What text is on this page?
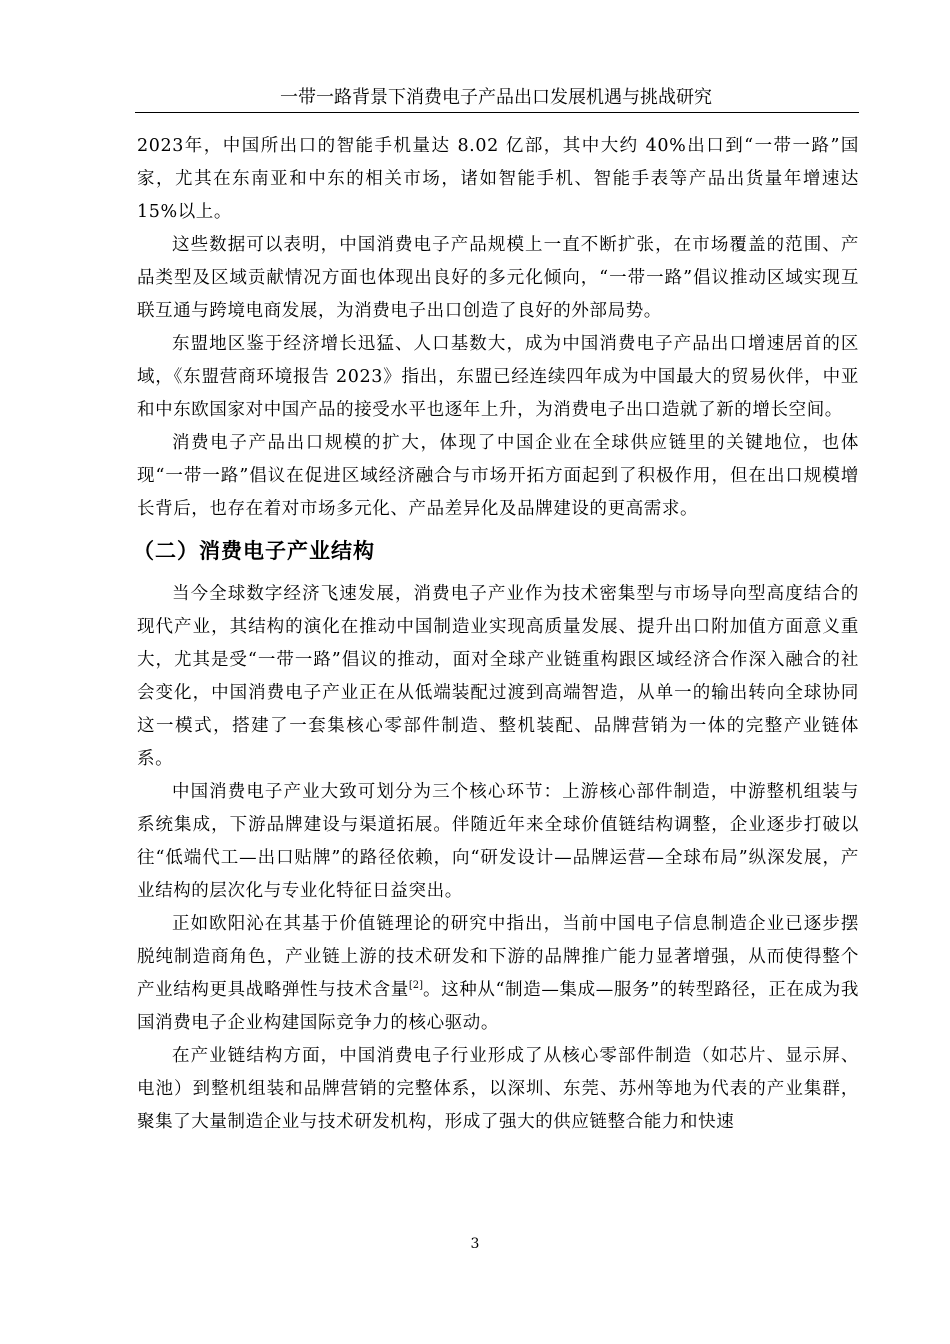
一带一路背景下消费电子产品出口发展机遇与挑战研究

2023年，中国所出口的智能手机量达 8.02 亿部，其中大约 40%出口到“一带一路”国家，尤其在东南亚和中东的相关市场，诸如智能手机、智能手表等产品出货量年增速达 15%以上。

这些数据可以表明，中国消费电子产品规模上一直不断扩张，在市场覆盖的范围、产品类型及区域贡献情况方面也体现出良好的多元化倾向，“一带一路”倡议推动区域实现互联互通与跨境电商发展，为消费电子出口创造了良好的外部局势。

东盟地区鉴于经济增长迅猛、人口基数大，成为中国消费电子产品出口增速居首的区域，《东盟营商环境报告 2023》指出，东盟已经连续四年成为中国最大的贸易伙伴，中亚和中东欧国家对中国产品的接受水平也逐年上升，为消费电子出口造就了新的增长空间。

消费电子产品出口规模的扩大，体现了中国企业在全球供应链里的关键地位，也体现“一带一路”倡议在促进区域经济融合与市场开拓方面起到了积极作用，但在出口规模增长背后，也存在着对市场多元化、产品差异化及品牌建设的更高需求。

（二）消费电子产业结构

当今全球数字经济飞速发展，消费电子产业作为技术密集型与市场导向型高度结合的现代产业，其结构的演化在推动中国制造业实现高质量发展、提升出口附加值方面意义重大，尤其是受“一带一路”倡议的推动，面对全球产业链重构跟区域经济合作深入融合的社会变化，中国消费电子产业正在从低端装配过渡到高端智造，从单一的输出转向全球协同这一模式，搭建了一套集核心零部件制造、整机装配、品牌营销为一体的完整产业链体系。

中国消费电子产业大致可划分为三个核心环节：上游核心部件制造，中游整机组装与系统集成，下游品牌建设与渠道拓展。伴随近年来全球价值链结构调整，企业逐步打破以往“低端代工—出口贴牌”的路径依赖，向“研发设计—品牌运营—全球布局”纵深发展，产业结构的层次化与专业化特征日益突出。

正如欧阳沁在其基于价值链理论的研究中指出，当前中国电子信息制造企业已逐步摆脱纯制造商角色，产业链上游的技术研发和下游的品牌推广能力显著增强，从而使得整个产业结构更具战略弹性与技术含量[2]。这种从“制造—集成—服务”的转型路径，正在成为我国消费电子企业构建国际竞争力的核心驱动。

在产业链结构方面，中国消费电子行业形成了从核心零部件制造（如芯片、显示屏、电池）到整机组装和品牌营销的完整体系，以深圳、东莞、苏州等地为代表的产业集群，聚集了大量制造企业与技术研发机构，形成了强大的供应链整合能力和快速

3
